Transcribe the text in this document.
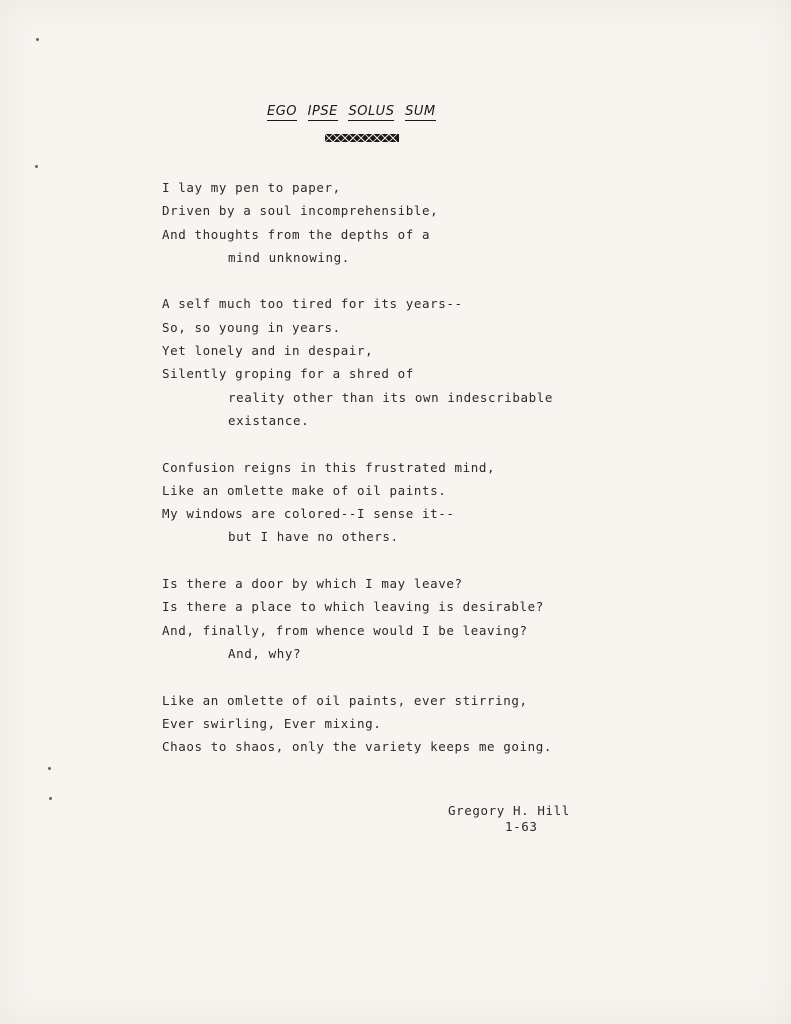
EGO IPSE SOLUS SUM
I lay my pen to paper,
Driven by a soul incomprehensible,
And thoughts from the depths of a
mind unknowing.
A self much too tired for its years--
So, so young in years.
Yet lonely and in despair,
Silently groping for a shred of
reality other than its own indescribable
existance.
Confusion reigns in this frustrated mind,
Like an omlette make of oil paints.
My windows are colored--I sense it--
but I have no others.
Is there a door by which I may leave?
Is there a place to which leaving is desirable?
And, finally, from whence would I be leaving?
And, why?
Like an omlette of oil paints, ever stirring,
Ever swirling, Ever mixing.
Chaos to shaos, only the variety keeps me going.
Gregory H. Hill
1-63
